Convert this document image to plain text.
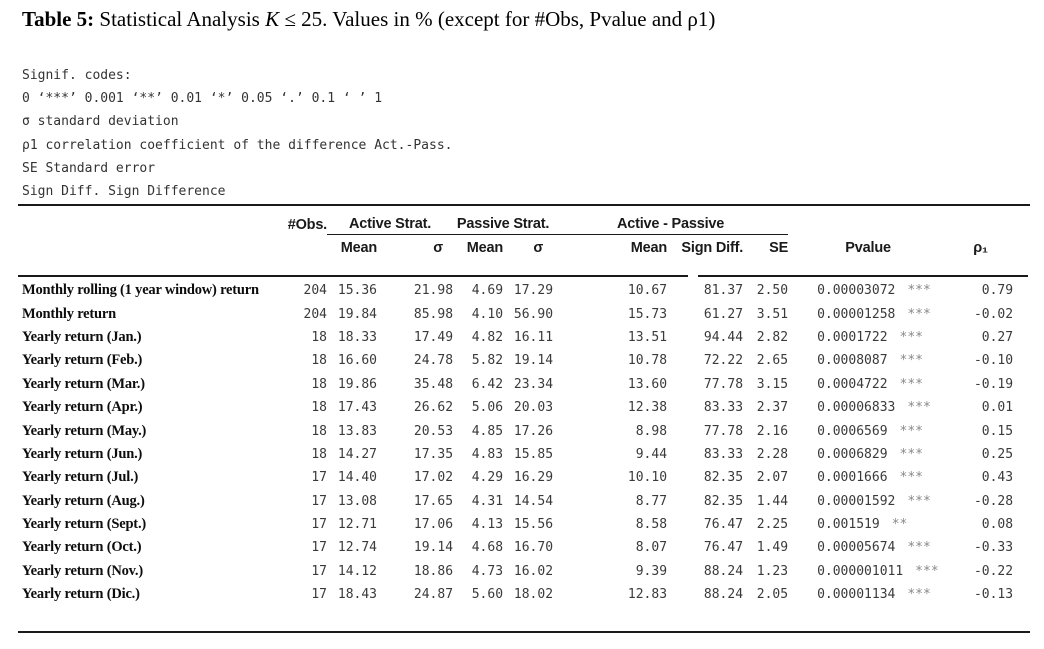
Table 5: Statistical Analysis K ≤ 25. Values in % (except for #Obs, Pvalue and ρ1)
Signif. codes:
0 ‘***’ 0.001 ‘**’ 0.01 ‘*’ 0.05 ‘.’ 0.1 ‘ ’ 1
σ standard deviation
ρ1 correlation coefficient of the difference Act.-Pass.
SE Standard error
Sign Diff. Sign Difference
#Obs.		Active Strat.		Passive Strat.		Active - Passive				
		Mean	σ	Mean	σ	Mean	Sign Diff.	SE	Pvalue	ρ₁

Monthly rolling (1 year window) return	204	15.36	21.98	4.69	17.29	10.67	81.37	2.50	0.00003072 ***	0.79
Monthly return	204	19.84	85.98	4.10	56.90	15.73	61.27	3.51	0.00001258 ***	-0.02
Yearly return (Jan.)	18	18.33	17.49	4.82	16.11	13.51	94.44	2.82	0.0001722 ***	0.27
Yearly return (Feb.)	18	16.60	24.78	5.82	19.14	10.78	72.22	2.65	0.0008087 ***	-0.10
Yearly return (Mar.)	18	19.86	35.48	6.42	23.34	13.60	77.78	3.15	0.0004722 ***	-0.19
Yearly return (Apr.)	18	17.43	26.62	5.06	20.03	12.38	83.33	2.37	0.00006833 ***	0.01
Yearly return (May.)	18	13.83	20.53	4.85	17.26	8.98	77.78	2.16	0.0006569 ***	0.15
Yearly return (Jun.)	18	14.27	17.35	4.83	15.85	9.44	83.33	2.28	0.0006829 ***	0.25
Yearly return (Jul.)	17	14.40	17.02	4.29	16.29	10.10	82.35	2.07	0.0001666 ***	0.43
Yearly return (Aug.)	17	13.08	17.65	4.31	14.54	8.77	82.35	1.44	0.00001592 ***	-0.28
Yearly return (Sept.)	17	12.71	17.06	4.13	15.56	8.58	76.47	2.25	0.001519 **	0.08
Yearly return (Oct.)	17	12.74	19.14	4.68	16.70	8.07	76.47	1.49	0.00005674 ***	-0.33
Yearly return (Nov.)	17	14.12	18.86	4.73	16.02	9.39	88.24	1.23	0.000001011 ***	-0.22
Yearly return (Dic.)	17	18.43	24.87	5.60	18.02	12.83	88.24	2.05	0.00001134 ***	-0.13
